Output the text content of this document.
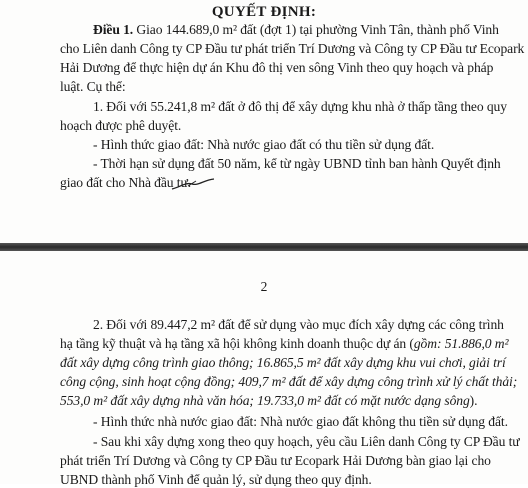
QUYẾT ĐỊNH:
Điều 1. Giao 144.689,0 m² đất (đợt 1) tại phường Vinh Tân, thành phố Vinh
cho Liên danh Công ty CP Đầu tư phát triển Trí Dương và Công ty CP Đầu tư Ecopark
Hải Dương để thực hiện dự án Khu đô thị ven sông Vinh theo quy hoạch và pháp
luật. Cụ thể:
1. Đối với 55.241,8 m² đất ở đô thị để xây dựng khu nhà ở thấp tầng theo quy
hoạch được phê duyệt.
- Hình thức giao đất: Nhà nước giao đất có thu tiền sử dụng đất.
- Thời hạn sử dụng đất 50 năm, kể từ ngày UBND tỉnh ban hành Quyết định
giao đất cho Nhà đầu tư.
2
2. Đối với 89.447,2 m² đất để sử dụng vào mục đích xây dựng các công trình
hạ tầng kỹ thuật và hạ tầng xã hội không kinh doanh thuộc dự án (gồm: 51.886,0 m²
đất xây dựng công trình giao thông; 16.865,5 m² đất xây dựng khu vui chơi, giải trí
công cộng, sinh hoạt cộng đồng; 409,7 m² đất để xây dựng công trình xử lý chất thải;
553,0 m² đất xây dựng nhà văn hóa; 19.733,0 m² đất có mặt nước dạng sông).
- Hình thức nhà nước giao đất: Nhà nước giao đất không thu tiền sử dụng đất.
- Sau khi xây dựng xong theo quy hoạch, yêu cầu Liên danh Công ty CP Đầu tư
phát triển Trí Dương và Công ty CP Đầu tư Ecopark Hải Dương bàn giao lại cho
UBND thành phố Vinh để quản lý, sử dụng theo quy định.
